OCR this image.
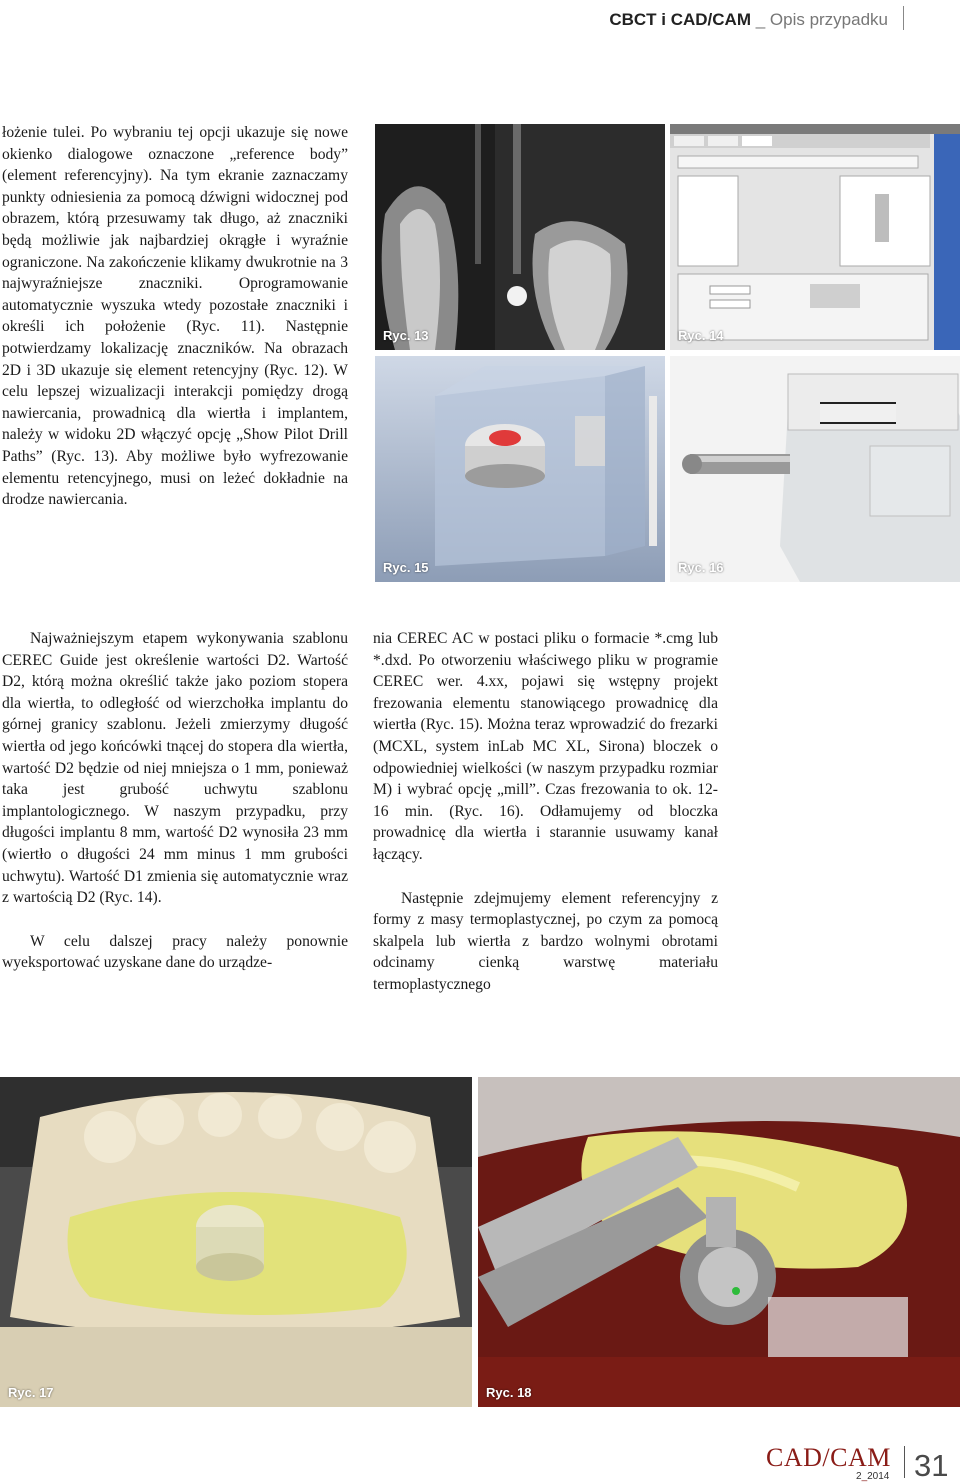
CBCT i CAD/CAM _ Opis przypadku

łożenie tulei. Po wybraniu tej opcji ukazuje się nowe okienko dialogowe oznaczone „reference body” (element referencyjny). Na tym ekranie zaznaczamy punkty odniesienia za pomocą dźwigni widocznej pod obrazem, którą przesuwamy tak długo, aż znaczniki będą możliwie jak najbardziej okrągłe i wyraźnie ograniczone. Na zakończenie klikamy dwukrotnie na 3 najwyraźniejsze znaczniki. Oprogramowanie automatycznie wyszuka wtedy pozostałe znaczniki i określi ich położenie (Ryc. 11). Następnie potwierdzamy lokalizację znaczników. Na obrazach 2D i 3D ukazuje się element retencyjny (Ryc. 12). W celu lepszej wizualizacji interakcji pomiędzy drogą nawiercania, prowadnicą dla wiertła i implantem, należy w widoku 2D włączyć opcję „Show Pilot Drill Paths” (Ryc. 13). Aby możliwe było wyfrezowanie elementu retencyjnego, musi on leżeć dokładnie na drodze nawiercania.

Najważniejszym etapem wykonywania szablonu CEREC Guide jest określenie wartości D2. Wartość D2, którą można określić także jako poziom stopera dla wiertła, to odległość od wierzchołka implantu do górnej granicy szablonu. Jeżeli zmierzymy długość wiertła od jego końcówki tnącej do stopera dla wiertła, wartość D2 będzie od niej mniejsza o 1 mm, ponieważ taka jest grubość uchwytu szablonu implantologicznego. W naszym przypadku, przy długości implantu 8 mm, wartość D2 wynosiła 23 mm (wiertło o długości 24 mm minus 1 mm grubości uchwytu). Wartość D1 zmienia się automatycznie wraz z wartością D2 (Ryc. 14).

W celu dalszej pracy należy ponownie wyeksportować uzyskane dane do urządze-

nia CEREC AC w postaci pliku o formacie *.cmg lub *.dxd. Po otworzeniu właściwego pliku w programie CEREC wer. 4.xx, pojawi się wstępny projekt frezowania elementu stanowiącego prowadnicę dla wiertła (Ryc. 15). Można teraz wprowadzić do frezarki (MCXL, system inLab MC XL, Sirona) bloczek o odpowiedniej wielkości (w naszym przypadku rozmiar M) i wybrać opcję „mill”. Czas frezowania to ok. 12-16 min. (Ryc. 16). Odłamujemy od bloczka prowadnicę dla wiertła i starannie usuwamy kanał łączący.

Następnie zdejmujemy element referencyjny z formy z masy termoplastycznej, po czym za pomocą skalpela lub wiertła z bardzo wolnymi obrotami odcinamy cienką warstwę materiału termoplastycznego

Ryc. 13	Ryc. 14
Ryc. 15	Ryc. 16
Ryc. 17	Ryc. 18
CAD/CAM
2_2014 31
